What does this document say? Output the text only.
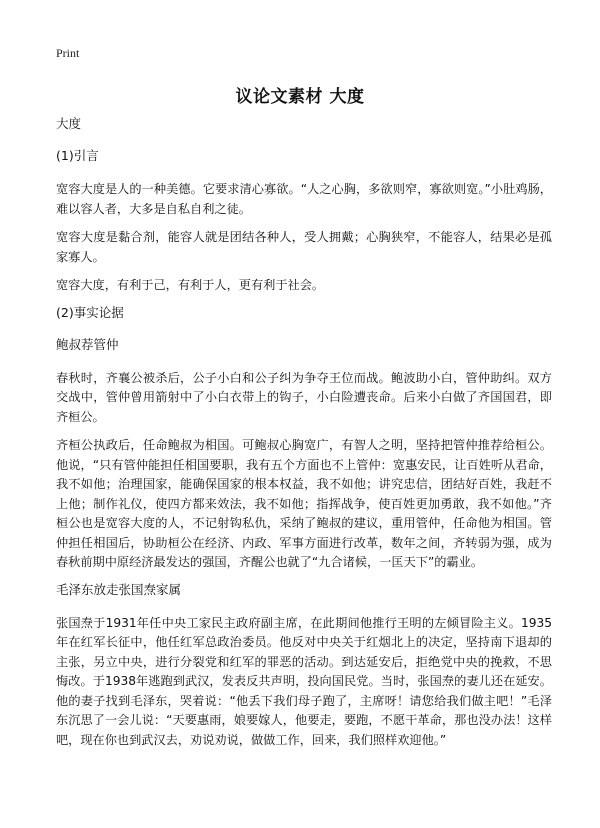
Print
议论文素材 大度
大度
(1)引言
宽容大度是人的一种美德。它要求清心寡欲。“人之心胸，多欲则窄，寡欲则宽。”小肚鸡肠，难以容人者，大多是自私自利之徒。
宽容大度是黏合剂，能容人就是团结各种人，受人拥戴；心胸狭窄，不能容人，结果必是孤家寡人。
宽容大度，有利于己，有利于人，更有利于社会。
(2)事实论据
鲍叔荐管仲
春秋时，齐襄公被杀后，公子小白和公子纠为争夺王位而战。鲍波助小白，管仲助纠。双方交战中，管仲曾用箭射中了小白衣带上的钩子，小白险遭丧命。后来小白做了齐国国君，即齐桓公。
齐桓公执政后，任命鲍叔为相国。可鲍叔心胸宽广，有智人之明，坚持把管仲推荐给桓公。他说，“只有管仲能担任相国要职，我有五个方面也不上管仲：宽惠安民，让百姓听从君命，我不如他；治理国家，能确保国家的根本权益，我不如他；讲究忠信，团结好百姓，我赶不上他；制作礼仪，使四方都来效法，我不如他；指挥战争，使百姓更加勇敢，我不如他。”齐桓公也是宽容大度的人，不记射钩私仇，采纳了鲍叔的建议，重用管仲，任命他为相国。管仲担任相国后，协助桓公在经济、内政、军事方面进行改革，数年之间，齐转弱为强，成为春秋前期中原经济最发达的强国，齐醒公也就了“九合诸候，一匡天下”的霸业。
毛泽东放走张国焘家属
张国焘于1931年任中央工家民主政府副主席，在此期间他推行王明的左倾冒险主义。1935年在红军长征中，他任红军总政治委员。他反对中央关于红烟北上的决定，坚持南下退却的主张，另立中央，进行分裂党和红军的罪恶的活动。到达延安后，拒绝党中央的挽救，不思悔改。于1938年逃跑到武汉，发表反共声明，投向国民党。当时，张国焘的妻儿还在延安。他的妻子找到毛泽东，哭着说：“他丢下我们母子跑了，主席呀！请您给我们做主吧！”毛泽东沉思了一会儿说：“天要惠雨，娘要嫁人，他要走，要跑，不愿干革命，那也没办法！这样吧，现在你也到武汉去，劝说劝说，做做工作，回来，我们照样欢迎他。”
